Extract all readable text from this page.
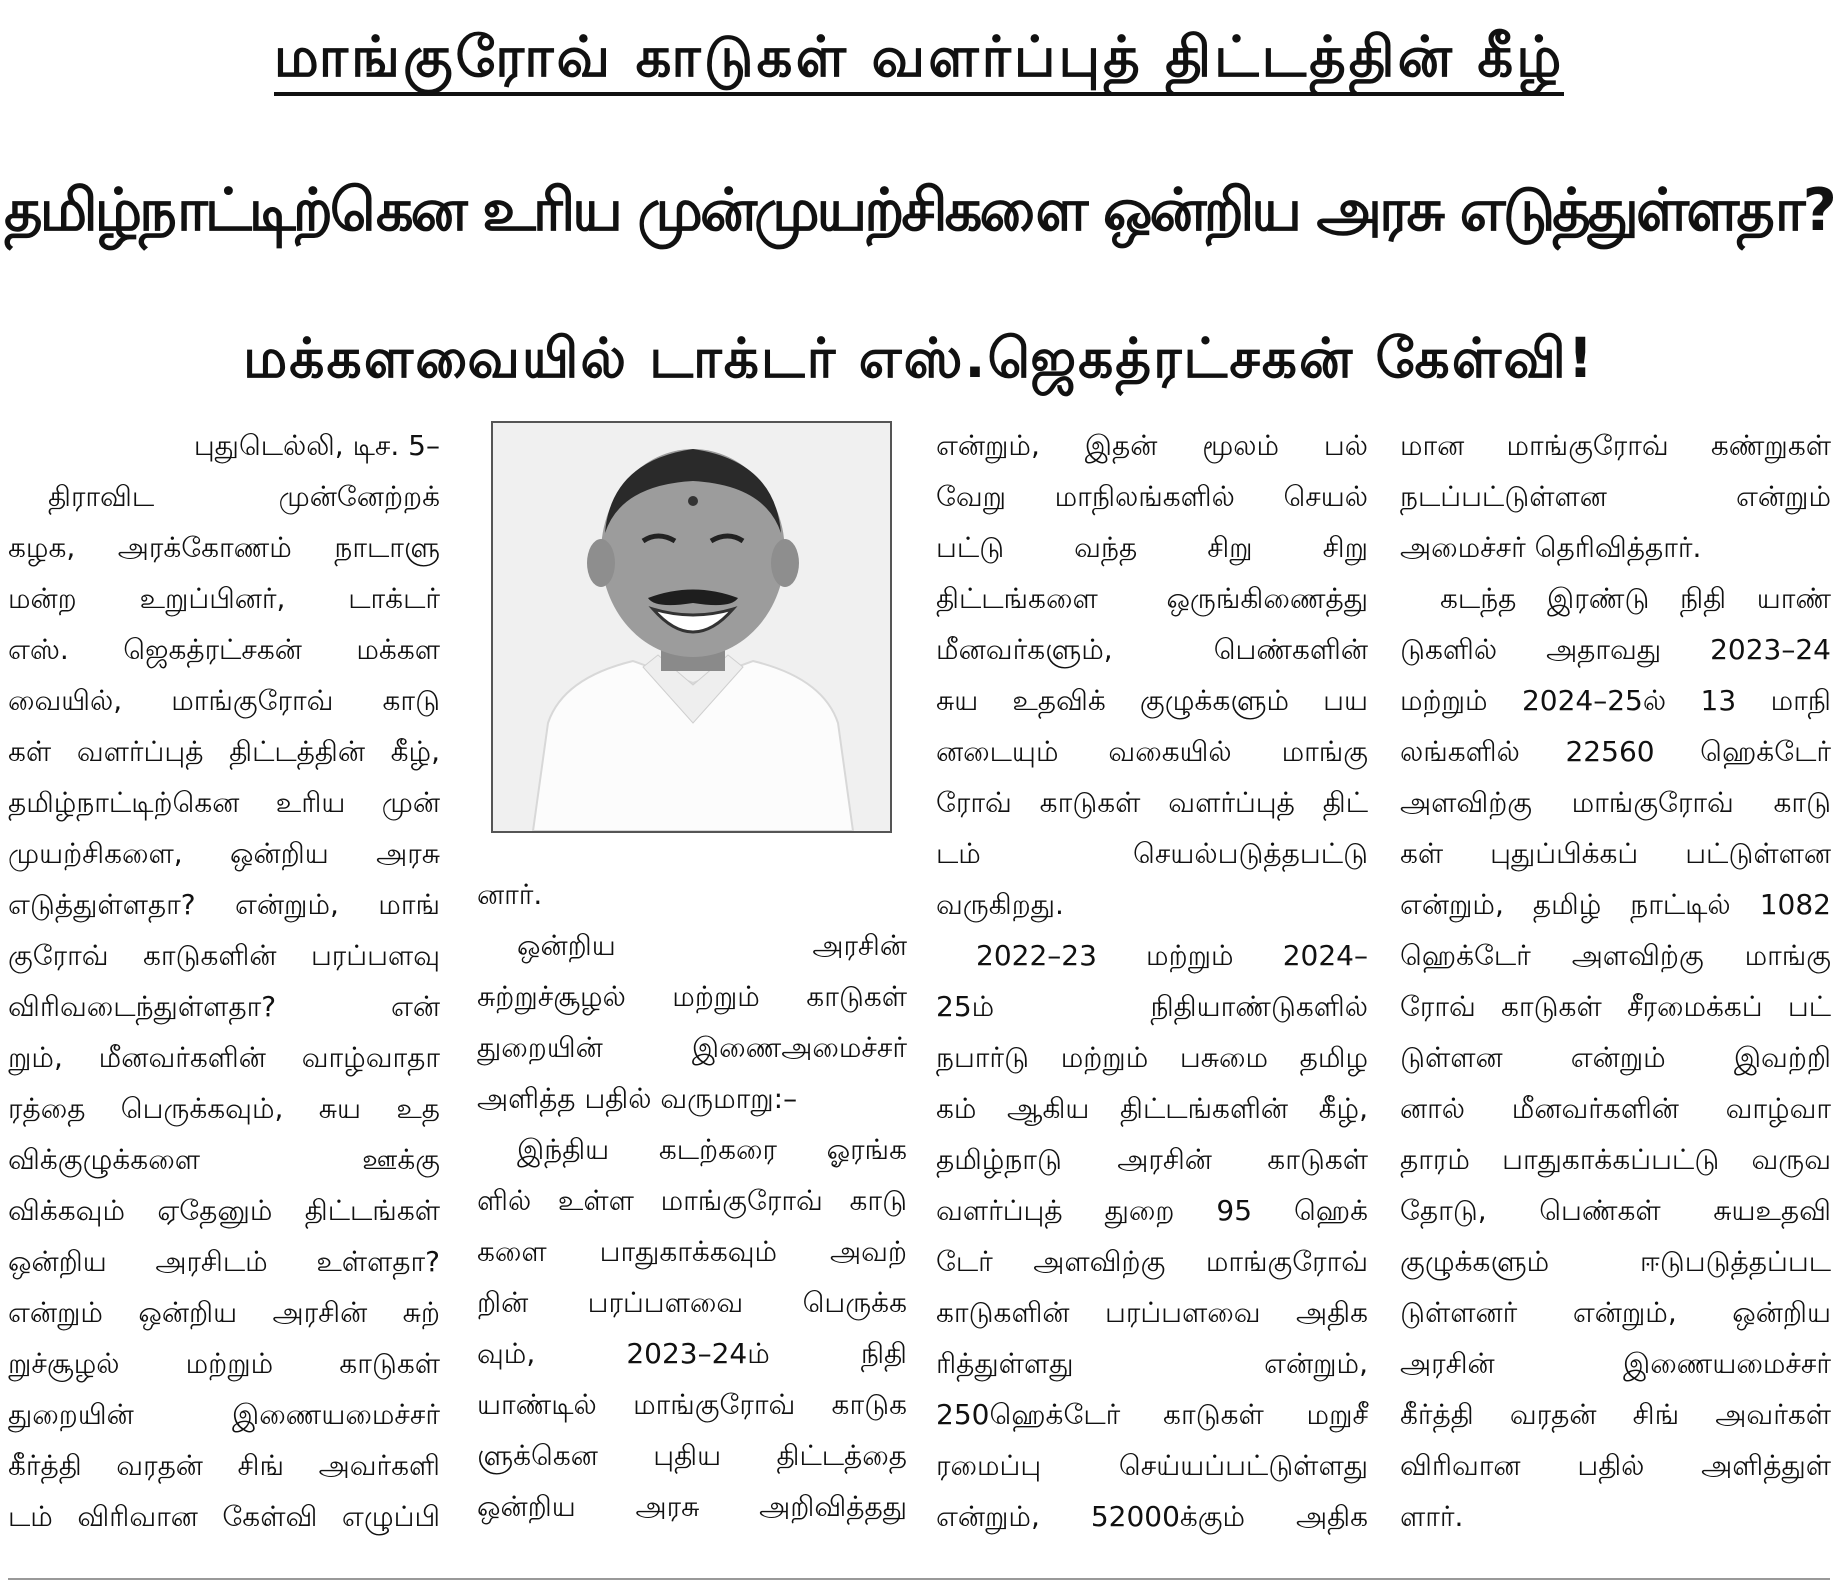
மாங்குரோவ் காடுகள் வளர்ப்புத் திட்டத்தின் கீழ்
தமிழ்நாட்டிற்கென உரிய முன்முயற்சிகளை ஒன்றிய அரசு எடுத்துள்ளதா?
மக்களவையில் டாக்டர் எஸ்.ஜெகத்ரட்சகன் கேள்வி!
புதுடெல்லி, டிச. 5–
திராவிட முன்னேற்றக்
கழக, அரக்கோணம் நாடாளு
மன்ற உறுப்பினர், டாக்டர்
எஸ். ஜெகத்ரட்சகன் மக்கள
வையில், மாங்குரோவ் காடு
கள் வளர்ப்புத் திட்டத்தின் கீழ்,
தமிழ்நாட்டிற்கென உரிய முன்
முயற்சிகளை, ஒன்றிய அரசு
எடுத்துள்ளதா? என்றும், மாங்
குரோவ் காடுகளின் பரப்பளவு
விரிவடைந்துள்ளதா? என்
றும், மீனவர்களின் வாழ்வாதா
ரத்தை பெருக்கவும், சுய உத
விக்குழுக்களை ஊக்கு
விக்கவும் ஏதேனும் திட்டங்கள்
ஒன்றிய அரசிடம் உள்ளதா?
என்றும் ஒன்றிய அரசின் சுற்
றுச்சூழல் மற்றும் காடுகள்
துறையின் இணையமைச்சர்
கீர்த்தி வரதன் சிங் அவர்களி
டம் விரிவான கேள்வி எழுப்பி
னார்.
ஒன்றிய அரசின்
சுற்றுச்சூழல் மற்றும் காடுகள்
துறையின் இணைஅமைச்சர்
அளித்த பதில் வருமாறு:–
இந்திய கடற்கரை ஓரங்க
ளில் உள்ள மாங்குரோவ் காடு
களை பாதுகாக்கவும் அவற்
றின் பரப்பளவை பெருக்க
வும், 2023–24ம் நிதி
யாண்டில் மாங்குரோவ் காடுக
ளுக்கென புதிய திட்டத்தை
ஒன்றிய அரசு அறிவித்தது
என்றும், இதன் மூலம் பல்
வேறு மாநிலங்களில் செயல்
பட்டு வந்த சிறு சிறு
திட்டங்களை ஒருங்கிணைத்து
மீனவர்களும், பெண்களின்
சுய உதவிக் குழுக்களும் பய
னடையும் வகையில் மாங்கு
ரோவ் காடுகள் வளர்ப்புத் திட்
டம் செயல்படுத்தபட்டு
வருகிறது.
2022–23 மற்றும் 2024–
25ம் நிதியாண்டுகளில்
நபார்டு மற்றும் பசுமை தமிழ
கம் ஆகிய திட்டங்களின் கீழ்,
தமிழ்நாடு அரசின் காடுகள்
வளர்ப்புத் துறை 95 ஹெக்
டேர் அளவிற்கு மாங்குரோவ்
காடுகளின் பரப்பளவை அதிக
ரித்துள்ளது என்றும்,
250ஹெக்டேர் காடுகள் மறுசீ
ரமைப்பு செய்யப்பட்டுள்ளது
என்றும், 52000க்கும் அதிக
மான மாங்குரோவ் கண்றுகள்
நடப்பட்டுள்ளன என்றும்
அமைச்சர் தெரிவித்தார்.
கடந்த இரண்டு நிதி யாண்
டுகளில் அதாவது 2023–24
மற்றும் 2024–25ல் 13 மாநி
லங்களில் 22560 ஹெக்டேர்
அளவிற்கு மாங்குரோவ் காடு
கள் புதுப்பிக்கப் பட்டுள்ளன
என்றும், தமிழ் நாட்டில் 1082
ஹெக்டேர் அளவிற்கு மாங்கு
ரோவ் காடுகள் சீரமைக்கப் பட்
டுள்ளன என்றும் இவற்றி
னால் மீனவர்களின் வாழ்வா
தாரம் பாதுகாக்கப்பட்டு வருவ
தோடு, பெண்கள் சுயஉதவி
குழுக்களும் ஈடுபடுத்தப்பட
டுள்ளனர் என்றும், ஒன்றிய
அரசின் இணையமைச்சர்
கீர்த்தி வரதன் சிங் அவர்கள்
விரிவான பதில் அளித்துள்
ளார்.
